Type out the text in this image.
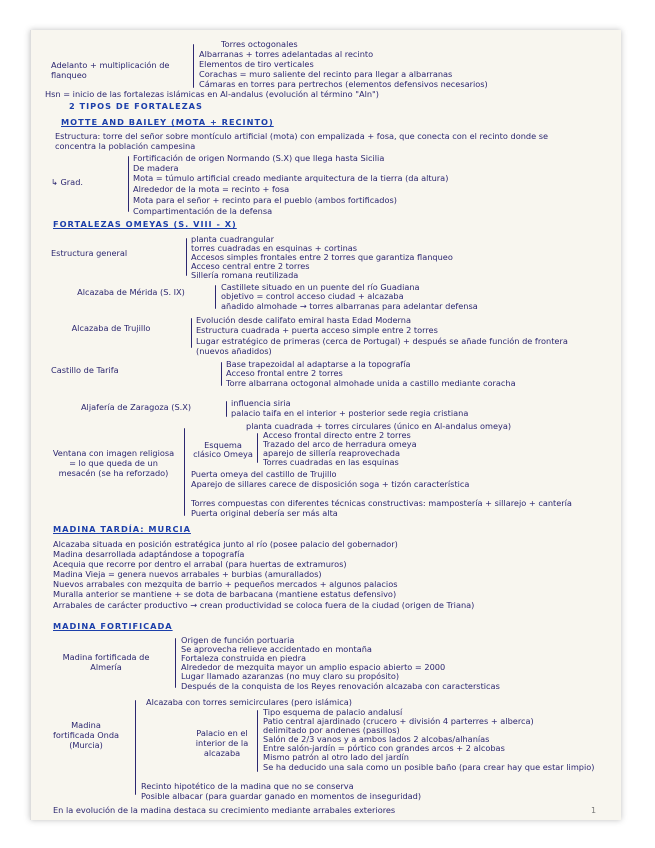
Torres octogonales
Albarranas + torres adelantadas al recinto
Elementos de tiro verticales
Corachas = muro saliente del recinto para llegar a albarranas
Cámaras en torres para pertrechos (elementos defensivos necesarios)
Adelanto + multiplicación de flanqueo
Hsn = inicio de las fortalezas islámicas en Al-andalus (evolución al término "Aln")
2 TIPOS DE FORTALEZAS
MOTTE AND BAILEY (MOTA + RECINTO)
Estructura: torre del señor sobre montículo artificial (mota) con empalizada + fosa, que conecta con el recinto donde se concentra la población campesina
Fortificación de origen Normando (S.X) que llega hasta Sicilia
De madera
Mota = túmulo artificial creado mediante arquitectura de la tierra (da altura)
Alrededor de la mota = recinto + fosa
Mota para el señor + recinto para el pueblo (ambos fortificados)
Compartimentación de la defensa
↳ Grad.
FORTALEZAS OMEYAS (S. VIII - X)
planta cuadrangular
torres cuadradas en esquinas + cortinas
Accesos simples frontales entre 2 torres que garantiza flanqueo
Acceso central entre 2 torres
Sillería romana reutilizada
Estructura general
Castillete situado en un puente del río Guadiana
objetivo = control acceso ciudad + alcazaba
añadido almohade → torres albarranas para adelantar defensa
Alcazaba de Mérida (S. IX)
Evolución desde califato emiral hasta Edad Moderna
Estructura cuadrada + puerta acceso simple entre 2 torres
Lugar estratégico de primeras (cerca de Portugal) + después se añade función de frontera (nuevos añadidos)
Alcazaba de Trujillo
Base trapezoidal al adaptarse a la topografía
Acceso frontal entre 2 torres
Torre albarrana octogonal almohade unida a castillo mediante coracha
Castillo de Tarifa
influencia siria
palacio taifa en el interior + posterior sede regia cristiana
Aljafería de Zaragoza (S.X)
planta cuadrada + torres circulares (único en Al-andalus omeya)
Acceso frontal directo entre 2 torres
Trazado del arco de herradura omeya
aparejo de sillería reaprovechada
Torres cuadradas en las esquinas
Esquema clásico Omeya
Puerta omeya del castillo de Trujillo
Aparejo de sillares carece de disposición soga + tizón característica
Torres compuestas con diferentes técnicas constructivas: mampostería + sillarejo + cantería
Puerta original debería ser más alta
Ventana con imagen religiosa = lo que queda de un mesacén (se ha reforzado)
MADINA TARDÍA: MURCIA
Alcazaba situada en posición estratégica junto al río (posee palacio del gobernador)
Madina desarrollada adaptándose a topografía
Acequia que recorre por dentro el arrabal (para huertas de extramuros)
Madina Vieja = genera nuevos arrabales + burbias (amurallados)
Nuevos arrabales con mezquita de barrio + pequeños mercados + algunos palacios
Muralla anterior se mantiene + se dota de barbacana (mantiene estatus defensivo)
Arrabales de carácter productivo → crean productividad se coloca fuera de la ciudad (origen de Triana)
MADINA FORTIFICADA
Origen de función portuaria
Se aprovecha relieve accidentado en montaña
Fortaleza construida en piedra
Alrededor de mezquita mayor un amplio espacio abierto = 2000
Lugar llamado azaranzas (no muy claro su propósito)
Después de la conquista de los Reyes renovación alcazaba con caractersticas
Madina fortificada de Almería
Alcazaba con torres semicirculares (pero islámica)
Tipo esquema de palacio andalusí
Patio central ajardinado (crucero + división 4 parterres + alberca)
delimitado por andenes (pasillos)
Salón de 2/3 vanos y a ambos lados 2 alcobas/alhanías
Entre salón-jardín = pórtico con grandes arcos + 2 alcobas
Mismo patrón al otro lado del jardín
Se ha deducido una sala como un posible baño (para crear hay que estar limpio)
Palacio en el interior de la alcazaba
Madina fortificada Onda (Murcia)
Recinto hipotético de la madina que no se conserva
Posible albacar (para guardar ganado en momentos de inseguridad)
En la evolución de la madina destaca su crecimiento mediante arrabales exteriores	1
